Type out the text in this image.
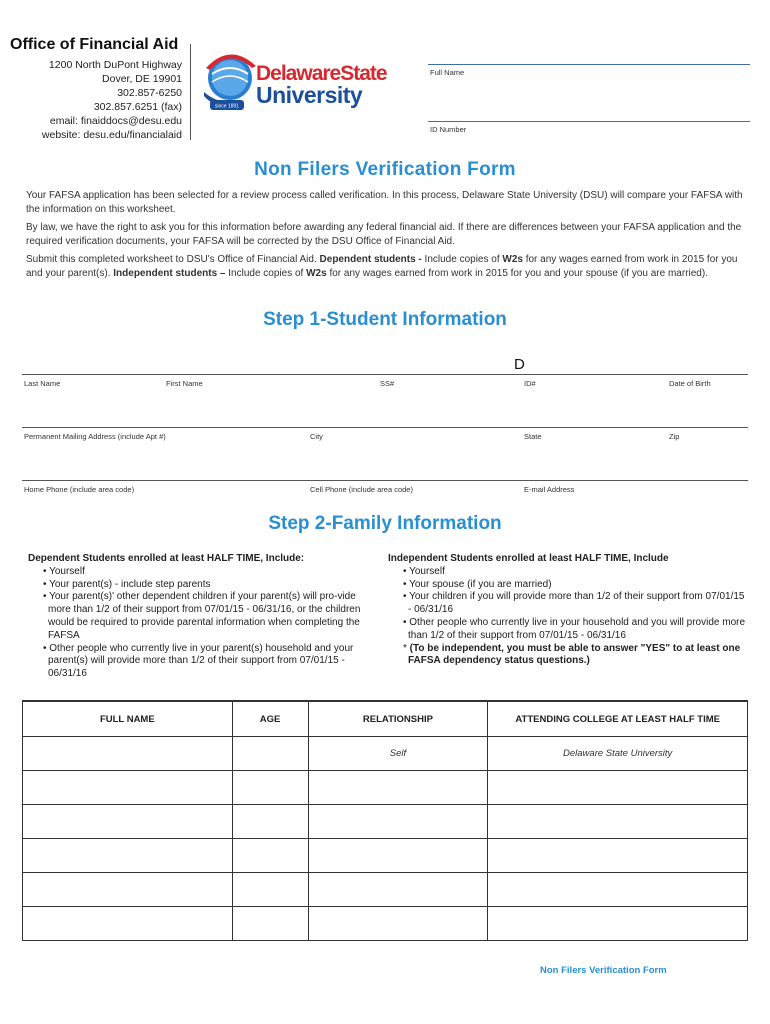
Office of Financial Aid
1200 North DuPont Highway
Dover, DE 19901
302.857-6250
302.857.6251 (fax)
email: finaiddocs@desu.edu
website: desu.edu/financialaid
since 1891
DelawareState
University
Full Name
ID Number
Non Filers Verification Form
Your FAFSA application has been selected for a review process called verification. In this process, Delaware State University (DSU) will compare your FAFSA with the information on this worksheet.
By law, we have the right to ask you for this information before awarding any federal financial aid. If there are differences between your FAFSA application and the required verification documents, your FAFSA will be corrected by the DSU Office of Financial Aid.
Submit this completed worksheet to DSU's Office of Financial Aid. Dependent students - Include copies of W2s for any wages earned from work in 2015 for you and your parent(s). Independent students – Include copies of W2s for any wages earned from work in 2015 for you and your spouse (if you are married).
Step 1-Student Information
D
Last Name	First Name	SS#	ID#	Date of Birth
Permanent Mailing Address (include Apt #)	City	State	Zip
Home Phone (include area code)	Cell Phone (include area code)	E-mail Address
Step 2-Family Information
Dependent Students enrolled at least HALF TIME, Include:
• Yourself
• Your parent(s) - include step parents
• Your parent(s)' other dependent children if your parent(s) will pro-vide more than 1/2 of their support from 07/01/15 - 06/31/16, or the children would be required to provide parental information when completing the FAFSA
• Other people who currently live in your parent(s) household and your parent(s) will provide more than 1/2 of their support from 07/01/15 - 06/31/16
Independent Students enrolled at least HALF TIME, Include
• Yourself
• Your spouse (if you are married)
• Your children if you will provide more than 1/2 of their support from 07/01/15 - 06/31/16
• Other people who currently live in your household and you will provide more than 1/2 of their support from 07/01/15 - 06/31/16
* (To be independent, you must be able to answer "YES" to at least one FAFSA dependency status questions.)
FULL NAME	AGE	RELATIONSHIP	ATTENDING COLLEGE AT LEAST HALF TIME
		Self	Delaware State University

Non Filers Verification Form
